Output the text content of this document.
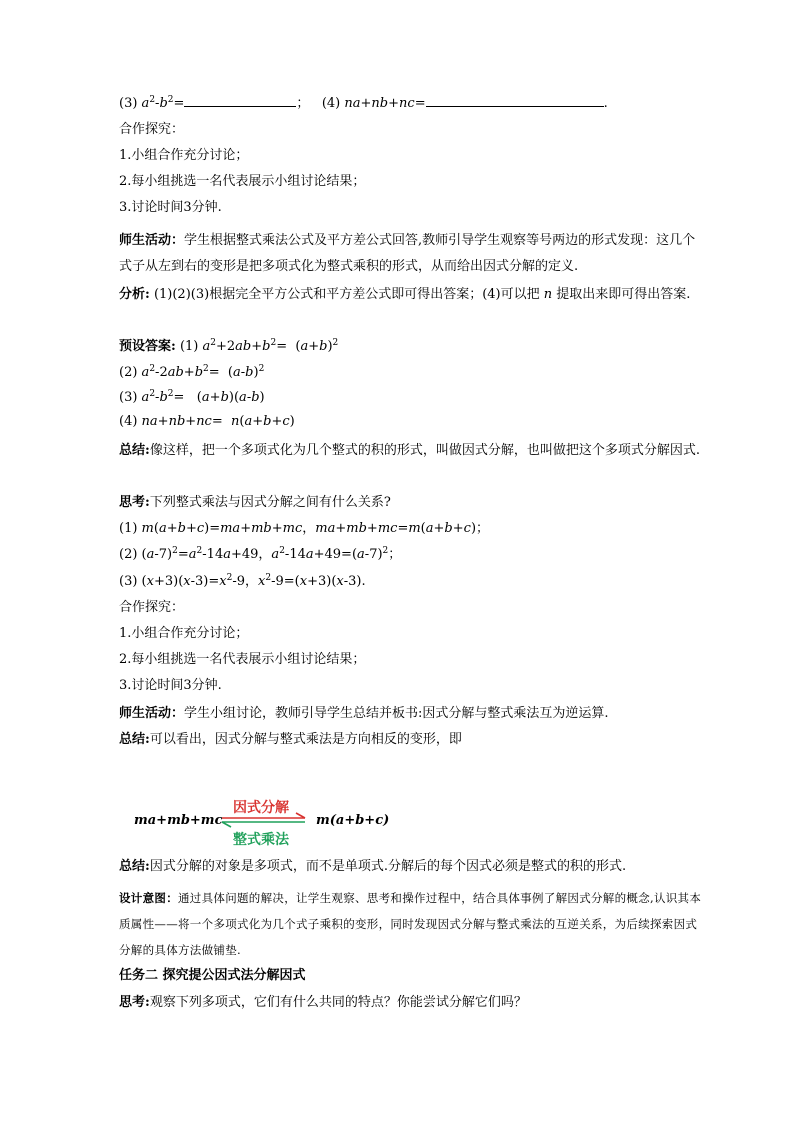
(3) $a^2-b^2=$	； (4) na+nb+nc=	.
合作探究：
1.小组合作充分讨论；
2.每小组挑选一名代表展示小组讨论结果；
3.讨论时间3分钟.
师生活动：学生根据整式乘法公式及平方差公式回答,教师引导学生观察等号两边的形式发现：这几个式子从左到右的变形是把多项式化为整式乘积的形式，从而给出因式分解的定义.
分析: (1)(2)(3)根据完全平方公式和平方差公式即可得出答案；(4)可以把 n 提取出来即可得出答案.
预设答案: (1) $a^2+2ab+b^2= (a+b)^2$
(2) $a^2-2ab+b^2= (a-b)^2$
(3) $a^2-b^2= (a+b)(a-b)$
(4) na+nb+nc=  n(a+b+c)
总结:像这样，把一个多项式化为几个整式的积的形式，叫做因式分解，也叫做把这个多项式分解因式.
思考:下列整式乘法与因式分解之间有什么关系?
(1) m(a+b+c)=ma+mb+mc，ma+mb+mc=m(a+b+c)；
(2) $(a-7)^2=a^2-14a+49$，$a^2-14a+49=(a-7)^2$；
(3) $(x+3)(x-3)=x^2-9$，$x^2-9=(x+3)(x-3)$.
合作探究：
1.小组合作充分讨论；
2.每小组挑选一名代表展示小组讨论结果；
3.讨论时间3分钟.
师生活动：学生小组讨论，教师引导学生总结并板书:因式分解与整式乘法互为逆运算.
总结:可以看出，因式分解与整式乘法是方向相反的变形，即
ma+mb+mc
因式分解
整式乘法
m(a+b+c)
总结:因式分解的对象是多项式，而不是单项式.分解后的每个因式必须是整式的积的形式.
设计意图：通过具体问题的解决，让学生观察、思考和操作过程中，结合具体事例了解因式分解的概念,认识其本质属性——将一个多项式化为几个式子乘积的变形，同时发现因式分解与整式乘法的互逆关系，为后续探索因式分解的具体方法做铺垫.
任务二 探究提公因式法分解因式
思考:观察下列多项式，它们有什么共同的特点？你能尝试分解它们吗？
